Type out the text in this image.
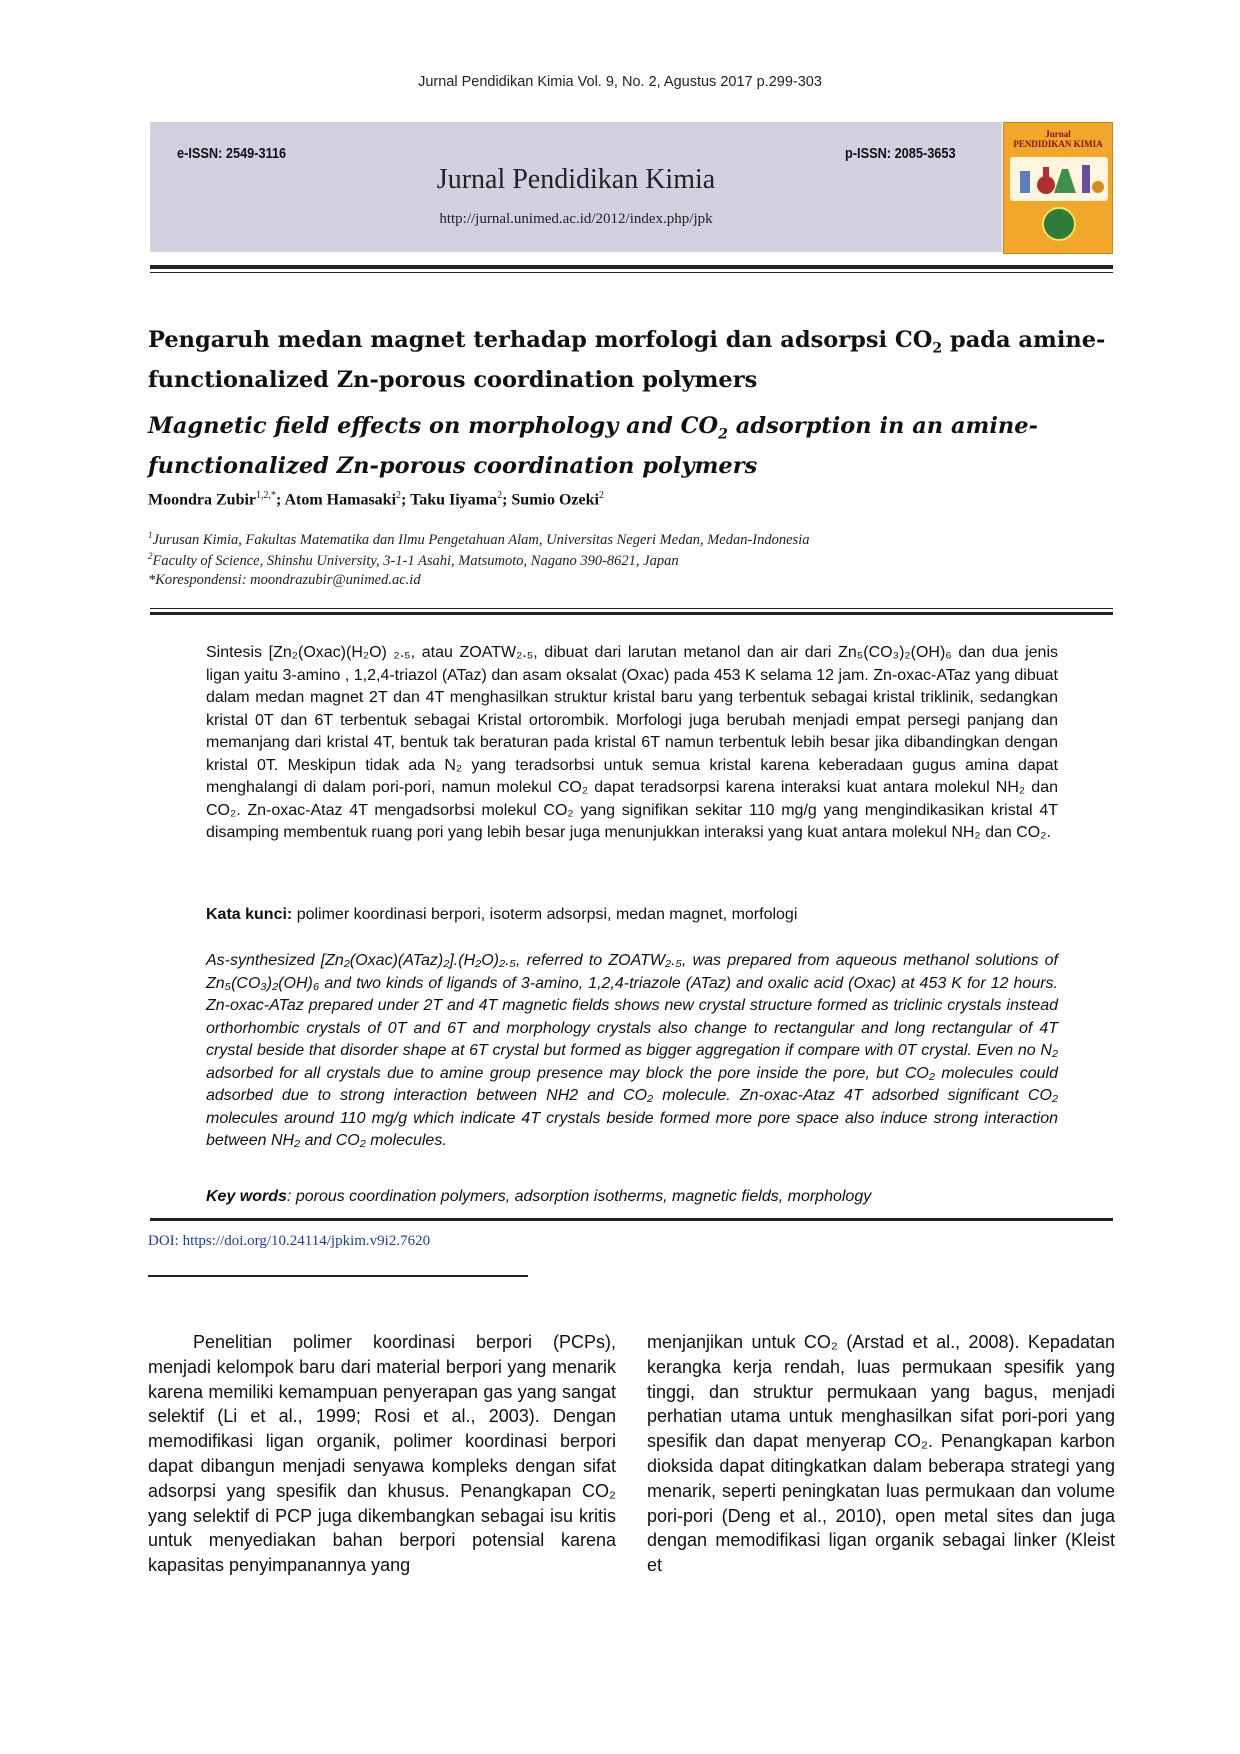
Jurnal Pendidikan Kimia Vol. 9, No. 2, Agustus 2017 p.299-303
e-ISSN: 2549-3116	p-ISSN: 2085-3653
Jurnal Pendidikan Kimia
http://jurnal.unimed.ac.id/2012/index.php/jpk
Jurnal
PENDIDIKAN KIMIA
Pengaruh medan magnet terhadap morfologi dan adsorpsi $CO_2$ pada amine-functionalized Zn-porous coordination polymers
Magnetic field effects on morphology and $CO_2$ adsorption in an amine-functionalized Zn-porous coordination polymers
Moondra Zubir$^{1,2,*}$; Atom Hamasaki$^2$; Taku Iiyama$^2$; Sumio Ozeki$^2$
$^1$Jurusan Kimia, Fakultas Matematika dan Ilmu Pengetahuan Alam, Universitas Negeri Medan, Medan-Indonesia
$^2$Faculty of Science, Shinshu University, 3-1-1 Asahi, Matsumoto, Nagano 390-8621, Japan
*Korespondensi: moondrazubir@unimed.ac.id
Sintesis [Zn₂(Oxac)(H₂O) ₂.₅, atau ZOATW₂.₅, dibuat dari larutan metanol dan air dari Zn₅(CO₃)₂(OH)₆ dan dua jenis ligan yaitu 3-amino , 1,2,4-triazol (ATaz) dan asam oksalat (Oxac) pada 453 K selama 12 jam. Zn-oxac-ATaz yang dibuat dalam medan magnet 2T dan 4T menghasilkan struktur kristal baru yang terbentuk sebagai kristal triklinik, sedangkan kristal 0T dan 6T terbentuk sebagai Kristal ortorombik. Morfologi juga berubah menjadi empat persegi panjang dan memanjang dari kristal 4T, bentuk tak beraturan pada kristal 6T namun terbentuk lebih besar jika dibandingkan dengan kristal 0T. Meskipun tidak ada N₂ yang teradsorbsi untuk semua kristal karena keberadaan gugus amina dapat menghalangi di dalam pori-pori, namun molekul CO₂ dapat teradsorpsi karena interaksi kuat antara molekul NH₂ dan CO₂. Zn-oxac-Ataz 4T mengadsorbsi molekul CO₂ yang signifikan sekitar 110 mg/g yang mengindikasikan kristal 4T disamping membentuk ruang pori yang lebih besar juga menunjukkan interaksi yang kuat antara molekul NH₂ dan CO₂.
Kata kunci: polimer koordinasi berpori, isoterm adsorpsi, medan magnet, morfologi
As-synthesized [Zn₂(Oxac)(ATaz)₂].(H₂O)₂.₅, referred to ZOATW₂.₅, was prepared from aqueous methanol solutions of Zn₅(CO₃)₂(OH)₆ and two kinds of ligands of 3-amino, 1,2,4-triazole (ATaz) and oxalic acid (Oxac) at 453 K for 12 hours. Zn-oxac-ATaz prepared under 2T and 4T magnetic fields shows new crystal structure formed as triclinic crystals instead orthorhombic crystals of 0T and 6T and morphology crystals also change to rectangular and long rectangular of 4T crystal beside that disorder shape at 6T crystal but formed as bigger aggregation if compare with 0T crystal. Even no N₂ adsorbed for all crystals due to amine group presence may block the pore inside the pore, but CO₂ molecules could adsorbed due to strong interaction between NH2 and CO₂ molecule. Zn-oxac-Ataz 4T adsorbed significant CO₂ molecules around 110 mg/g which indicate 4T crystals beside formed more pore space also induce strong interaction between NH₂ and CO₂ molecules.
Key words: porous coordination polymers, adsorption isotherms, magnetic fields, morphology
DOI: https://doi.org/10.24114/jpkim.v9i2.7620
Penelitian polimer koordinasi berpori (PCPs), menjadi kelompok baru dari material berpori yang menarik karena memiliki kemampuan penyerapan gas yang sangat selektif (Li et al., 1999; Rosi et al., 2003). Dengan memodifikasi ligan organik, polimer koordinasi berpori dapat dibangun menjadi senyawa kompleks dengan sifat adsorpsi yang spesifik dan khusus. Penangkapan CO₂ yang selektif di PCP juga dikembangkan sebagai isu kritis untuk menyediakan bahan berpori potensial karena kapasitas penyimpanannya yang
menjanjikan untuk CO₂ (Arstad et al., 2008). Kepadatan kerangka kerja rendah, luas permukaan spesifik yang tinggi, dan struktur permukaan yang bagus, menjadi perhatian utama untuk menghasilkan sifat pori-pori yang spesifik dan dapat menyerap CO₂. Penangkapan karbon dioksida dapat ditingkatkan dalam beberapa strategi yang menarik, seperti peningkatan luas permukaan dan volume pori-pori (Deng et al., 2010), open metal sites dan juga dengan memodifikasi ligan organik sebagai linker (Kleist et
